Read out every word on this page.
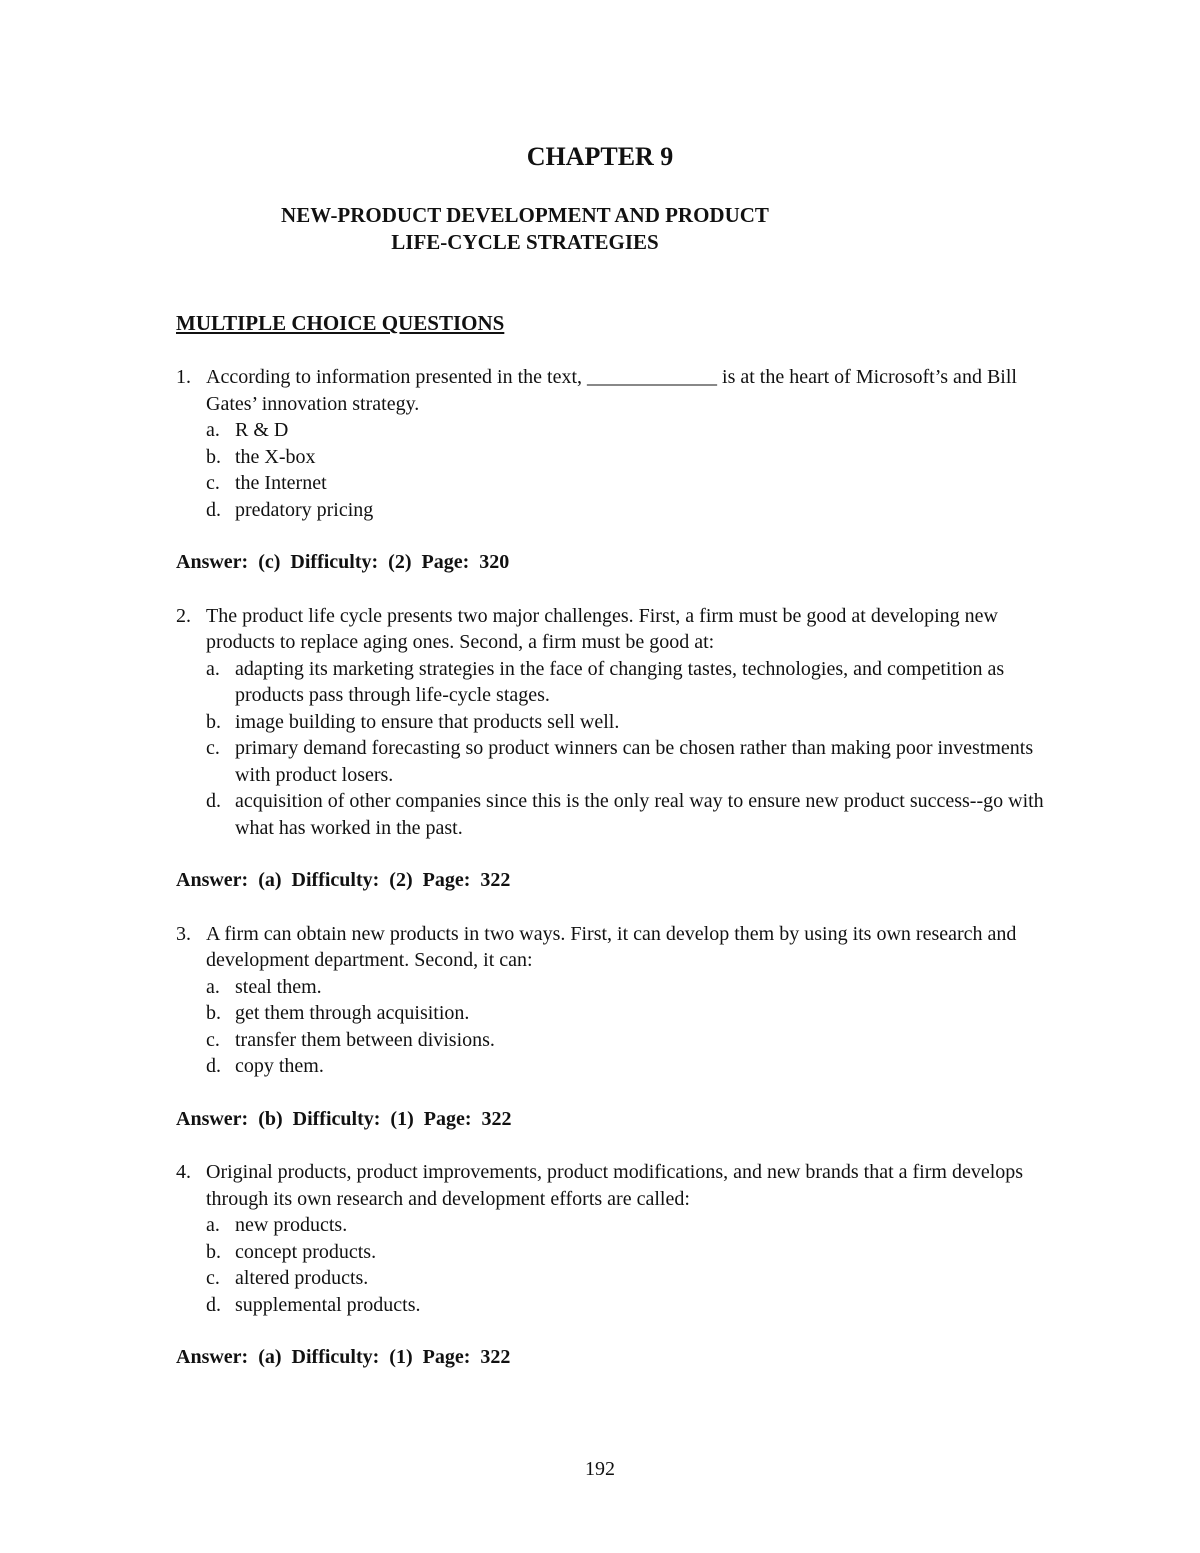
CHAPTER 9
NEW-PRODUCT DEVELOPMENT AND PRODUCT
LIFE-CYCLE STRATEGIES
MULTIPLE CHOICE QUESTIONS
1. According to information presented in the text, _____________ is at the heart of Microsoft’s and Bill Gates’ innovation strategy.
a. R & D
b. the X-box
c. the Internet
d. predatory pricing
Answer:  (c)  Difficulty:  (2)  Page:  320
2. The product life cycle presents two major challenges. First, a firm must be good at developing new products to replace aging ones. Second, a firm must be good at:
a. adapting its marketing strategies in the face of changing tastes, technologies, and competition as products pass through life-cycle stages.
b. image building to ensure that products sell well.
c. primary demand forecasting so product winners can be chosen rather than making poor investments with product losers.
d. acquisition of other companies since this is the only real way to ensure new product success--go with what has worked in the past.
Answer:  (a)  Difficulty:  (2)  Page:  322
3. A firm can obtain new products in two ways. First, it can develop them by using its own research and development department. Second, it can:
a. steal them.
b. get them through acquisition.
c. transfer them between divisions.
d. copy them.
Answer:  (b)  Difficulty:  (1)  Page:  322
4. Original products, product improvements, product modifications, and new brands that a firm develops through its own research and development efforts are called:
a. new products.
b. concept products.
c. altered products.
d. supplemental products.
Answer:  (a)  Difficulty:  (1)  Page:  322
192
